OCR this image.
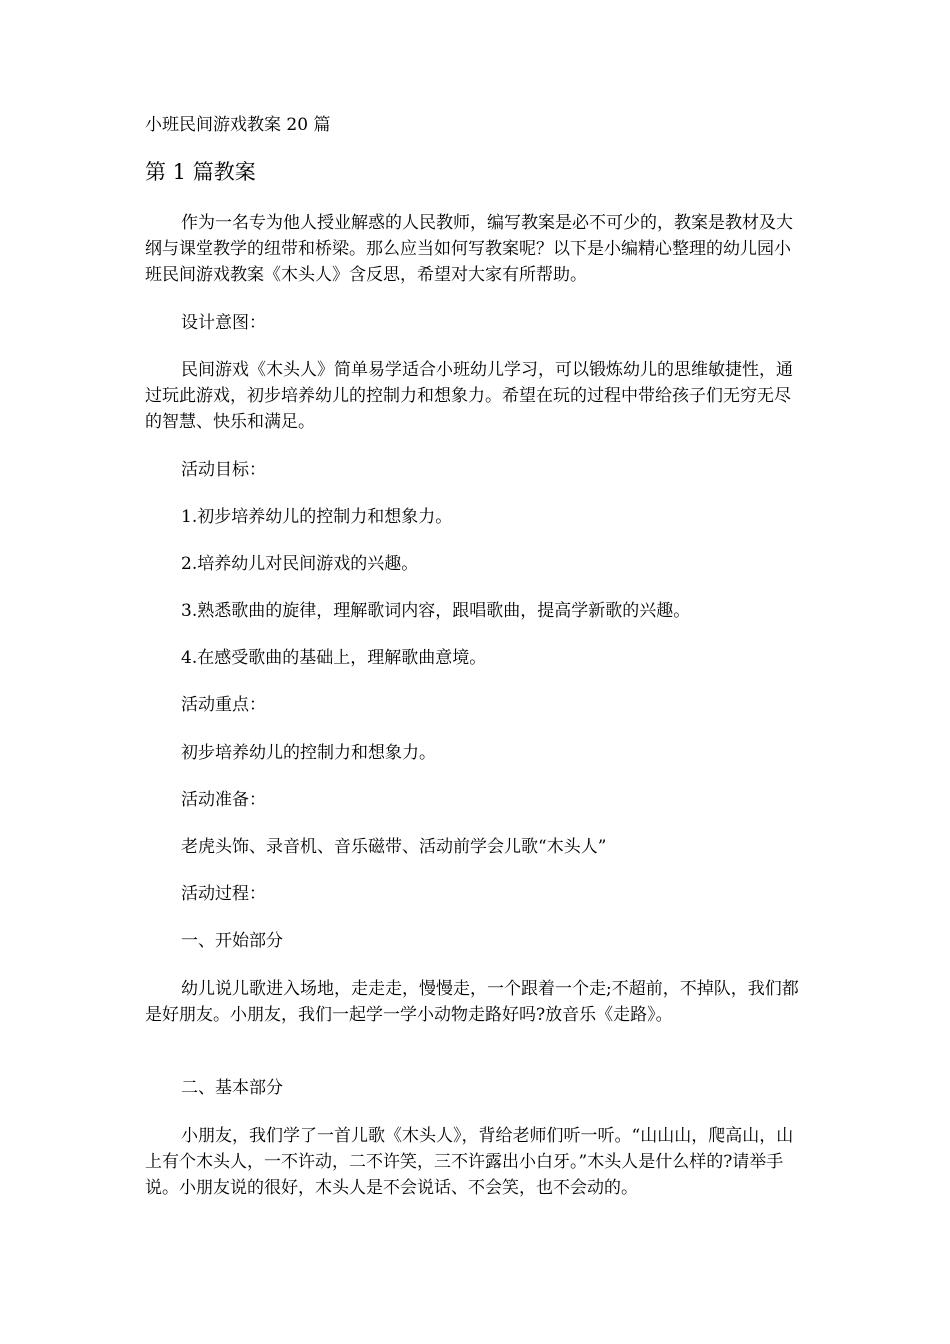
小班民间游戏教案 20 篇
第 1 篇教案

作为一名专为他人授业解惑的人民教师，编写教案是必不可少的，教案是教材及大纲与课堂教学的纽带和桥梁。那么应当如何写教案呢？以下是小编精心整理的幼儿园小班民间游戏教案《木头人》含反思，希望对大家有所帮助。

设计意图：

民间游戏《木头人》简单易学适合小班幼儿学习，可以锻炼幼儿的思维敏捷性，通过玩此游戏，初步培养幼儿的控制力和想象力。希望在玩的过程中带给孩子们无穷无尽的智慧、快乐和满足。

活动目标：

1.初步培养幼儿的控制力和想象力。

2.培养幼儿对民间游戏的兴趣。

3.熟悉歌曲的旋律，理解歌词内容，跟唱歌曲，提高学新歌的兴趣。

4.在感受歌曲的基础上，理解歌曲意境。

活动重点：

初步培养幼儿的控制力和想象力。

活动准备：

老虎头饰、录音机、音乐磁带、活动前学会儿歌“木头人”

活动过程：

一、开始部分

幼儿说儿歌进入场地，走走走，慢慢走，一个跟着一个走;不超前，不掉队，我们都是好朋友。小朋友，我们一起学一学小动物走路好吗?放音乐《走路》。

二、基本部分

小朋友，我们学了一首儿歌《木头人》，背给老师们听一听。“山山山，爬高山，山上有个木头人，一不许动，二不许笑，三不许露出小白牙。”木头人是什么样的?请举手说。小朋友说的很好，木头人是不会说话、不会笑，也不会动的。
